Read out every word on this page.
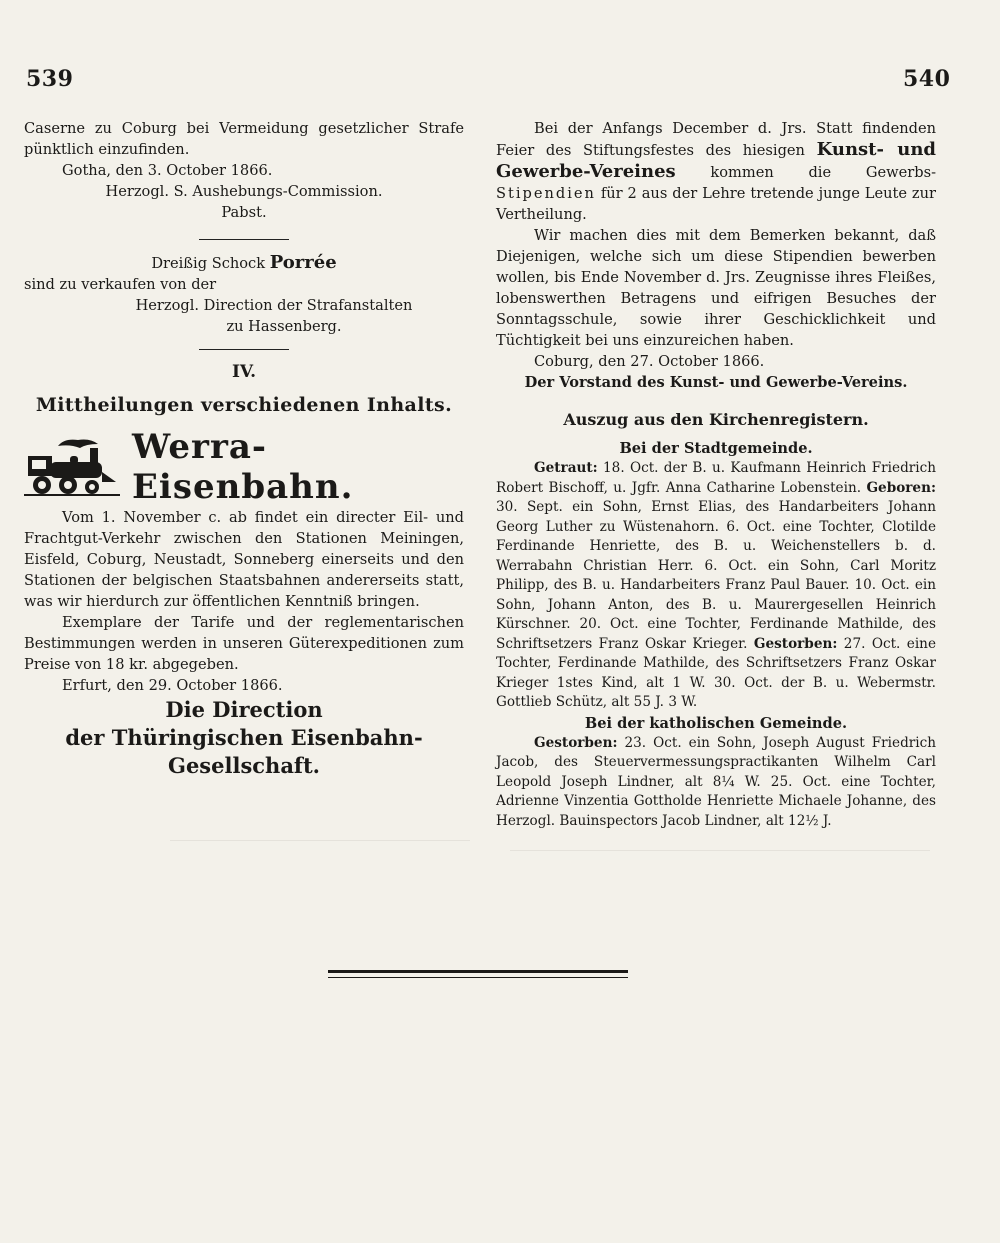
539	540

Caserne zu Coburg bei Vermeidung gesetzlicher Strafe pünktlich einzufinden.

Gotha, den 3. October 1866.

Herzogl. S. Aushebungs-Commission.

Pabst.

Dreißig Schock Porrée

sind zu verkaufen von der

Herzogl. Direction der Strafanstalten

zu Hassenberg.

IV.

Mittheilungen verschiedenen Inhalts.

Werra-Eisenbahn.

Vom 1. November c. ab findet ein directer Eil- und Frachtgut-Verkehr zwischen den Stationen Meiningen, Eisfeld, Coburg, Neustadt, Sonneberg einerseits und den Stationen der belgischen Staatsbahnen andererseits statt, was wir hierdurch zur öffentlichen Kenntniß bringen.

Exemplare der Tarife und der reglementarischen Bestimmungen werden in unseren Güterexpeditionen zum Preise von 18 kr. abgegeben.

Erfurt, den 29. October 1866.

Die Direction

der Thüringischen Eisenbahn-

Gesellschaft.

Bei der Anfangs December d. Jrs. Statt findenden Feier des Stiftungsfestes des hiesigen Kunst- und Gewerbe-Vereines kommen die Gewerbs- Stipendien für 2 aus der Lehre tretende junge Leute zur Vertheilung.

Wir machen dies mit dem Bemerken bekannt, daß Diejenigen, welche sich um diese Stipendien bewerben wollen, bis Ende November d. Jrs. Zeugnisse ihres Fleißes, lobenswerthen Betragens und eifrigen Besuches der Sonntagsschule, sowie ihrer Geschicklichkeit und Tüchtigkeit bei uns einzureichen haben.

Coburg, den 27. October 1866.

Der Vorstand des Kunst- und Gewerbe-Vereins.

Auszug aus den Kirchenregistern.

Bei der Stadtgemeinde.

Getraut: 18. Oct. der B. u. Kaufmann Heinrich Friedrich Robert Bischoff, u. Jgfr. Anna Catharine Lobenstein. Geboren: 30. Sept. ein Sohn, Ernst Elias, des Handarbeiters Johann Georg Luther zu Wüstenahorn. 6. Oct. eine Tochter, Clotilde Ferdinande Henriette, des B. u. Weichenstellers b. d. Werrabahn Christian Herr. 6. Oct. ein Sohn, Carl Moritz Philipp, des B. u. Handarbeiters Franz Paul Bauer. 10. Oct. ein Sohn, Johann Anton, des B. u. Maurergesellen Heinrich Kürschner. 20. Oct. eine Tochter, Ferdinande Mathilde, des Schriftsetzers Franz Oskar Krieger. Gestorben: 27. Oct. eine Tochter, Ferdinande Mathilde, des Schriftsetzers Franz Oskar Krieger 1stes Kind, alt 1 W. 30. Oct. der B. u. Webermstr. Gottlieb Schütz, alt 55 J. 3 W.

Bei der katholischen Gemeinde.

Gestorben: 23. Oct. ein Sohn, Joseph August Friedrich Jacob, des Steuervermessungspractikanten Wilhelm Carl Leopold Joseph Lindner, alt 8¼ W. 25. Oct. eine Tochter, Adrienne Vinzentia Gottholde Henriette Michaele Johanne, des Herzogl. Bauinspectors Jacob Lindner, alt 12½ J.
